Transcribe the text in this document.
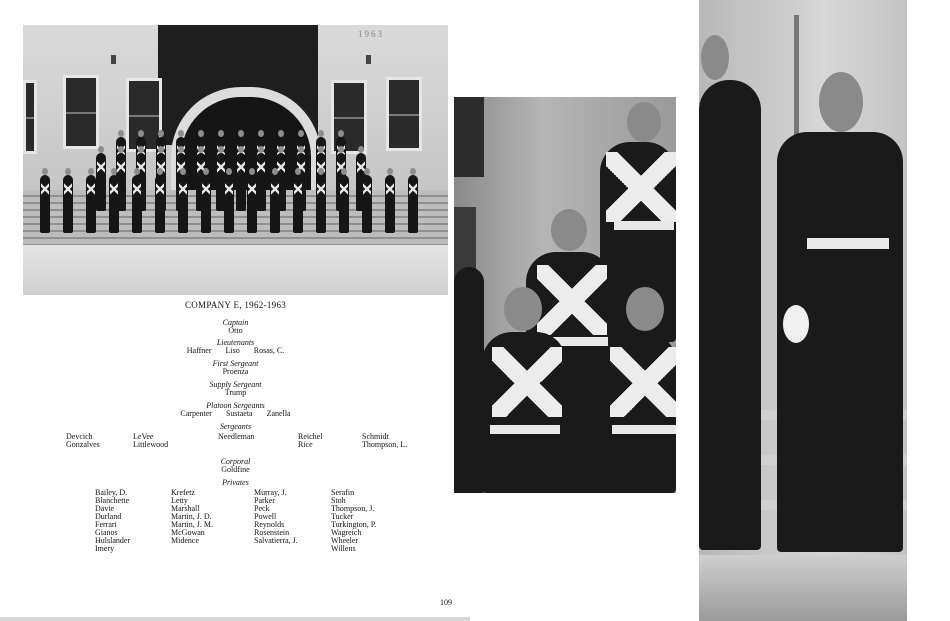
1963
COMPANY E, 1962-1963
Captain
Otto
Lieutenants
Haffner Liso Rosas, C.
First Sergeant
Proenza
Supply Sergeant
Trump
Platoon Sergeants
Carpenter Sustaeta Zanella
Sergeants
Devcich
Gonzalves
LeVee
Littlewood
Needleman	Reichel
Rice
Schmidt
Thompson, L.
Corporal
Goldfine
Privates
Bailey, D.
Blanchette
Davie
Durland
Ferrari
Gianos
Hulslander
Imery
Krefetz
Letty
Marshall
Martin, J. D.
Martin, J. M.
McGowan
Midence
Murray, J.
Parker
Peck
Powell
Reynolds
Rosenstein
Salvatierra, J.
Serafin
Stoh
Thompson, J.
Tucker
Turkington, P.
Wagreich
Wheeler
Willens
109
